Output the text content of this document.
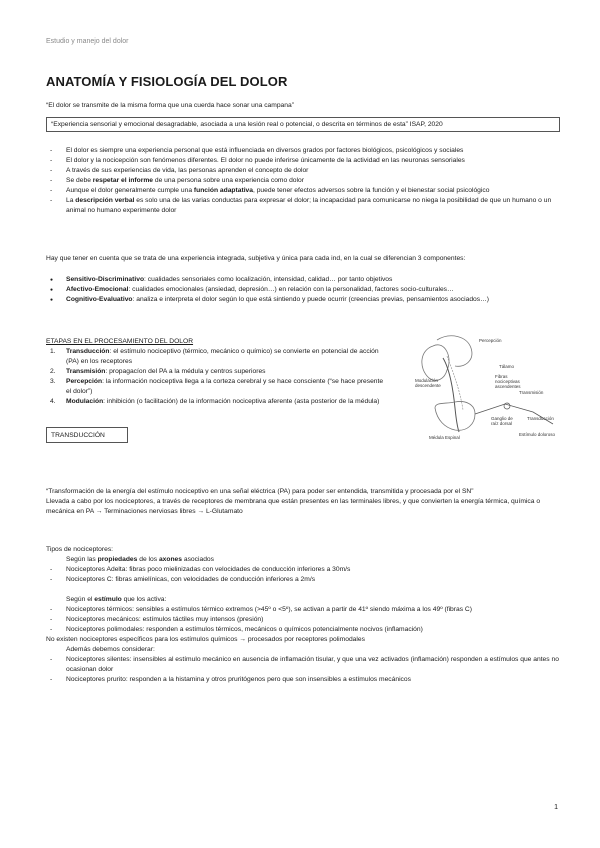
Estudio y manejo del dolor
ANATOMÍA Y FISIOLOGÍA DEL DOLOR
“El dolor se transmite de la misma forma que una cuerda hace sonar una campana”
“Experiencia sensorial y emocional desagradable, asociada a una lesión real o potencial, o descrita en términos de esta” ISAP, 2020
- El dolor es siempre una experiencia personal que está influenciada en diversos grados por factores biológicos, psicológicos y sociales
- El dolor y la nocicepción son fenómenos diferentes. El dolor no puede inferirse únicamente de la actividad en las neuronas sensoriales
- A través de sus experiencias de vida, las personas aprenden el concepto de dolor
- Se debe respetar el informe de una persona sobre una experiencia como dolor
- Aunque el dolor generalmente cumple una función adaptativa, puede tener efectos adversos sobre la función y el bienestar social psicológico
- La descripción verbal es solo una de las varias conductas para expresar el dolor; la incapacidad para comunicarse no niega la posibilidad de que un humano o un animal no humano experimente dolor
Hay que tener en cuenta que se trata de una experiencia integrada, subjetiva y única para cada ind, en la cual se diferencian 3 componentes:
● Sensitivo-Discriminativo: cualidades sensoriales como localización, intensidad, calidad… por tanto objetivos
● Afectivo-Emocional: cualidades emocionales (ansiedad, depresión…) en relación con la personalidad, factores socio-culturales…
● Cognitivo-Evaluativo: analiza e interpreta el dolor según lo que está sintiendo y puede ocurrir (creencias previas, pensamientos asociados…)
ETAPAS EN EL PROCESAMIENTO DEL DOLOR
1. Transducción: el estímulo nociceptivo (térmico, mecánico o químico) se convierte en potencial de acción (PA) en los receptores
2. Transmisión: propagacíon del PA a la médula y centros superiores
3. Percepción: la información nociceptiva llega a la corteza cerebral y se hace consciente (“se hace presente el dolor”)
4. Modulación: inhibición (o facilitación) de la información nociceptiva aferente (asta posterior de la médula)
Percepción
Tálamo
Fibras
nociceptivas
ascendentes
Modulación
descendente
Transmisión
Transducción
Ganglio de
raíz dorsal
Médula Espinal
Estímulo doloroso
TRANSDUCCIÓN
“Transformación de la energía del estímulo nociceptivo en una señal eléctrica (PA) para poder ser entendida, transmitida y procesada por el SN”
Llevada a cabo por los nociceptores, a través de receptores de membrana que están presentes en las terminales libres, y que convierten la energía térmica, química o mecánica en PA → Terminaciones nerviosas libres → L-Glutamato
Tipos de nociceptores:
Según las propiedades de los axones asociados
- Nociceptores Adelta: fibras poco mielinizadas con velocidades de conducción inferiores a 30m/s
- Nociceptores C: fibras amielínicas, con velocidades de conducción inferiores a 2m/s
Según el estímulo que los activa:
- Nociceptores térmicos: sensibles a estímulos térmico extremos (>45º o <5º), se activan a partir de 41º siendo máxima a los 49º (fibras C)
- Nociceptores mecánicos: estímulos táctiles muy intensos (presión)
- Nociceptores polimodales: responden a estímulos térmicos, mecánicos o químicos potencialmente nocivos (inflamación)
No existen nociceptores específicos para los estímulos químicos → procesados por receptores polimodales
Además debemos considerar:
- Nociceptores silentes: insensibles al estímulo mecánico en ausencia de inflamación tisular, y que una vez activados (inflamación) responden a estímulos que antes no ocasionan dolor
- Nociceptores prurito: responden a la histamina y otros pruritógenos pero que son insensibles a estímulos mecánicos
1
